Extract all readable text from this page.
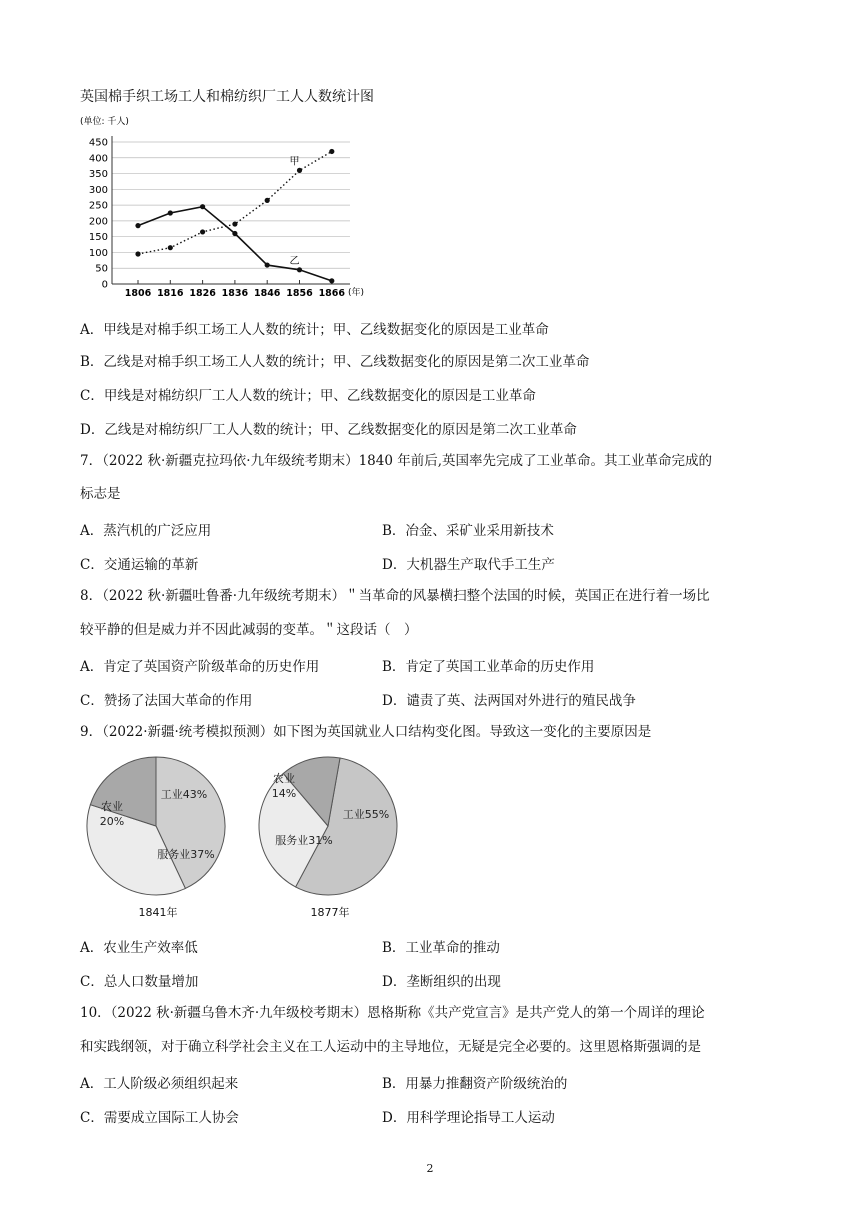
英国棉手织工场工人和棉纺织厂工人人数统计图
(单位: 千人)
(年)
0
50
100
150
200
250
300
350
400
450
1806 1816 1826 1836 1846 1856 1866
甲
乙
A．甲线是对棉手织工场工人人数的统计；甲、乙线数据变化的原因是工业革命
B．乙线是对棉手织工场工人人数的统计；甲、乙线数据变化的原因是第二次工业革命
C．甲线是对棉纺织厂工人人数的统计；甲、乙线数据变化的原因是工业革命
D．乙线是对棉纺织厂工人人数的统计；甲、乙线数据变化的原因是第二次工业革命
7．（2022 秋·新疆克拉玛依·九年级统考期末）1840 年前后,英国率先完成了工业革命。其工业革命完成的
标志是
A．蒸汽机的广泛应用	B．冶金、采矿业采用新技术
C．交通运输的革新	D．大机器生产取代手工生产
8．（2022 秋·新疆吐鲁番·九年级统考期末）＂当革命的风暴横扫整个法国的时候，英国正在进行着一场比
较平静的但是威力并不因此减弱的变革。＂这段话（　）
A．肯定了英国资产阶级革命的历史作用	B．肯定了英国工业革命的历史作用
C．赞扬了法国大革命的作用	D．谴责了英、法两国对外进行的殖民战争
9．（2022·新疆·统考模拟预测）如下图为英国就业人口结构变化图。导致这一变化的主要原因是
工业43%
服务业37%
农业
20%
1841年
工业55%
服务业31%
农业
14%
1877年
A．农业生产效率低	B．工业革命的推动
C．总人口数量增加	D．垄断组织的出现
10．（2022 秋·新疆乌鲁木齐·九年级校考期末）恩格斯称《共产党宣言》是共产党人的第一个周详的理论
和实践纲领，对于确立科学社会主义在工人运动中的主导地位，无疑是完全必要的。这里恩格斯强调的是
A．工人阶级必须组织起来	B．用暴力推翻资产阶级统治的
C．需要成立国际工人协会	D．用科学理论指导工人运动
2
